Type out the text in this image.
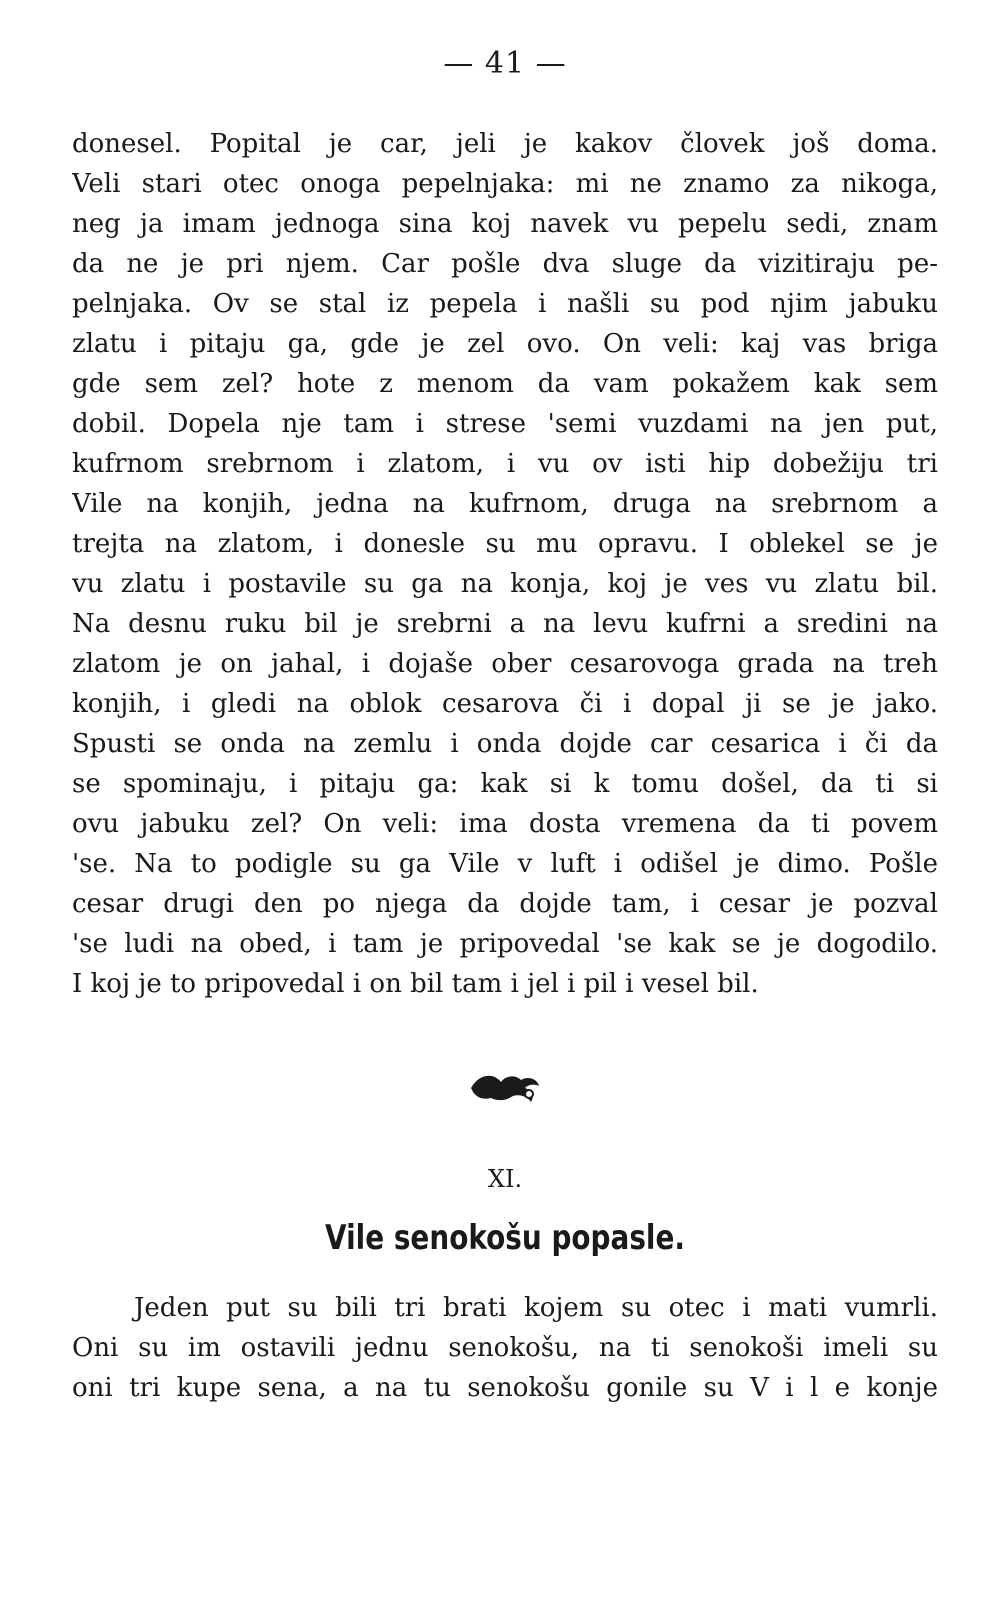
— 41 —
donesel. Popital je car, jeli je kakov človek još doma.
Veli stari otec onoga pepelnjaka: mi ne znamo za nikoga,
neg ja imam jednoga sina koj navek vu pepelu sedi, znam
da ne je pri njem. Car pošle dva sluge da vizitiraju pe-
pelnjaka. Ov se stal iz pepela i našli su pod njim jabuku
zlatu i pitaju ga, gde je zel ovo. On veli: kaj vas briga
gde sem zel? hote z menom da vam pokažem kak sem
dobil. Dopela nje tam i strese 'semi vuzdami na jen put,
kufrnom srebrnom i zlatom, i vu ov isti hip dobežiju tri
Vile na konjih, jedna na kufrnom, druga na srebrnom a
trejta na zlatom, i donesle su mu opravu. I oblekel se je
vu zlatu i postavile su ga na konja, koj je ves vu zlatu bil.
Na desnu ruku bil je srebrni a na levu kufrni a sredini na
zlatom je on jahal, i dojaše ober cesarovoga grada na treh
konjih, i gledi na oblok cesarova či i dopal ji se je jako.
Spusti se onda na zemlu i onda dojde car cesarica i či da
se spominaju, i pitaju ga: kak si k tomu došel, da ti si
ovu jabuku zel? On veli: ima dosta vremena da ti povem
'se. Na to podigle su ga Vile v luft i odišel je dimo. Pošle
cesar drugi den po njega da dojde tam, i cesar je pozval
'se ludi na obed, i tam je pripovedal 'se kak se je dogodilo.
I koj je to pripovedal i on bil tam i jel i pil i vesel bil.
XI.
Vile senokošu popasle.
Jeden put su bili tri brati kojem su otec i mati vumrli.
Oni su im ostavili jednu senokošu, na ti senokoši imeli su
oni tri kupe sena, a na tu senokošu gonile su V i l e konje
